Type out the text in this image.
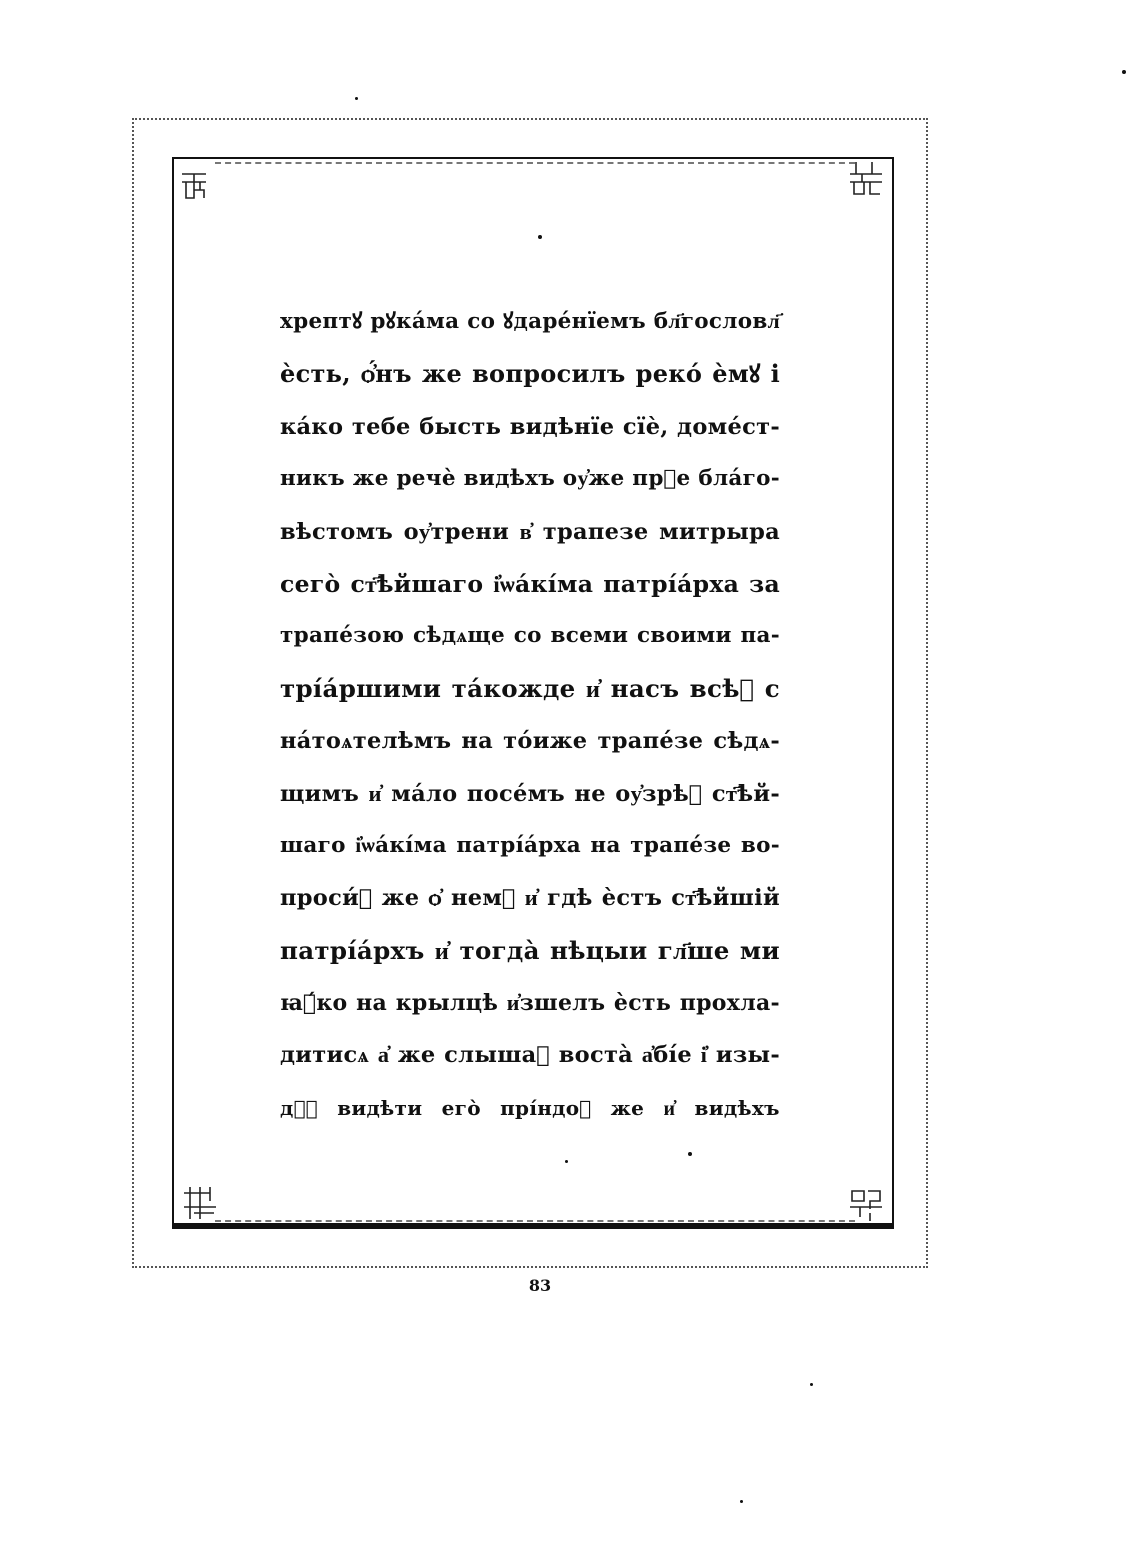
хрептꙋ рꙋка́ма со ꙋдаре́нїемъ бл҃гословл҃
ѐсть, ѻ҆́нъ же вопросилъ реко́ ѐмꙋ і
ка́ко тебе бысть видѣнїе сїѐ, доме́ст-
никъ же речѐ видѣхъ оу҆же прⷣе бла́го-
вѣстомъ оу҆трени в҆ трапезе митрыра
сего̀ ст҃ѣйшаго і҆ѡа́кі́ма патрі́а́рха за
трапе́зою сѣдѧще со всеми своими па-
трі́а́ршими та́кожде и҆ насъ всѣⷯ с
на́тоѧтелѣмъ на то́иже трапе́зе сѣдѧ-
щимъ и҆ ма́ло посе́мъ не оу҆зрѣⷯ ст҃ѣй-
шаго і҆ѡа́кі́ма патрі́а́рха на трапе́зе во-
проси́ⷯ же ѻ҆ немⷨ и҆ гдѣ ѐстъ ст҃ѣйшій
патрі́а́рхъ и҆ тогда̀ нѣцыи гл҃ше ми
ꙗ҆́ко на крылцѣ и҆зшелъ ѐсть прохла-
дитисѧ а҆ же слышаⷯ воста̀ а҆бі́е і҆ изы-
дѡⷯ видѣти его̀ прі́ндоⷯ же и҆ видѣхъ
83
